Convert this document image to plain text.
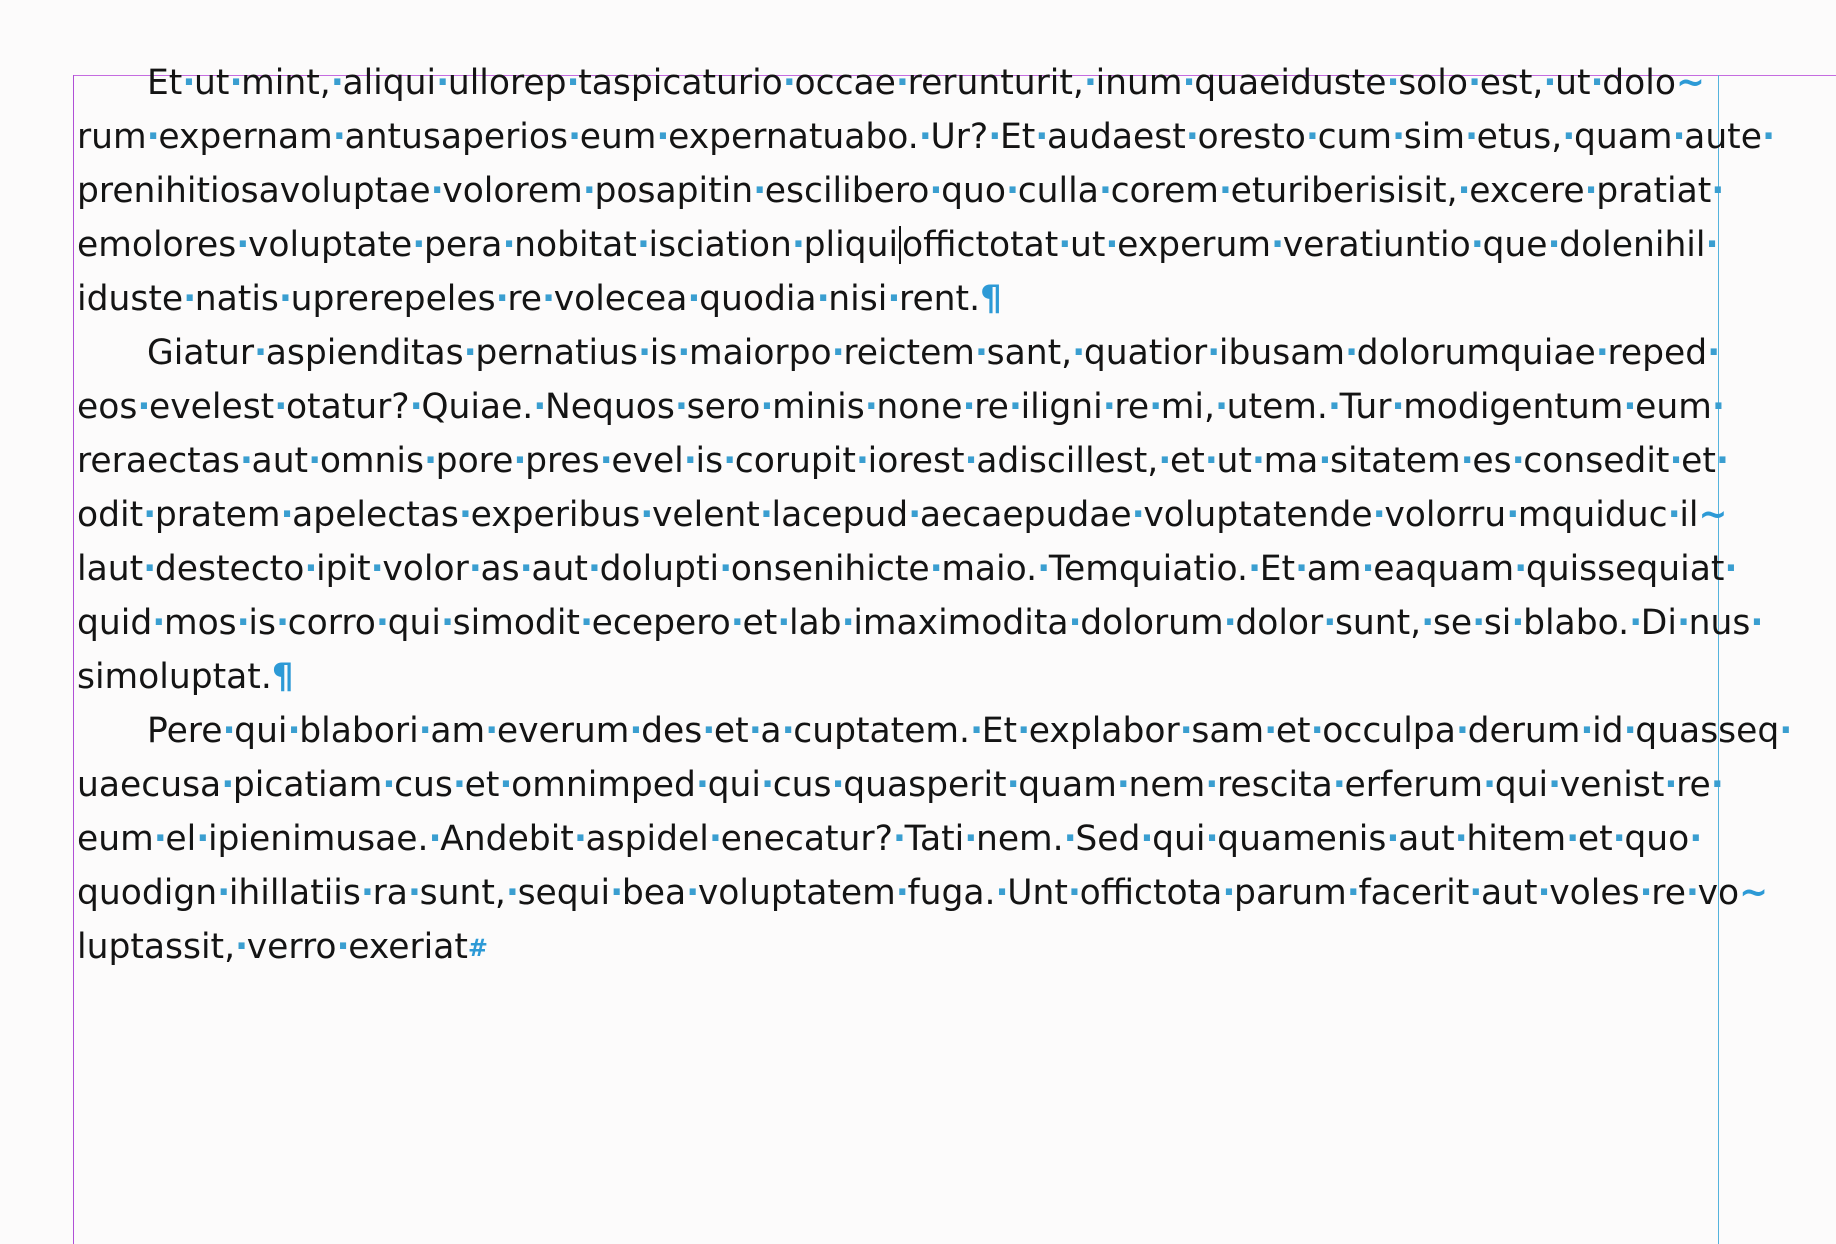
Et·ut·mint,·aliqui·ullorep·taspicaturio·occae·rerunturit,·inum·quaeiduste·solo·est,·ut·dolo~
rum·expernam·antusaperios·eum·expernatuabo.·Ur?·Et·audaest·oresto·cum·sim·etus,·quam·aute·
prenihitiosavoluptae·volorem·posapitin·escilibero·quo·culla·corem·eturiberisisit,·excere·pratiat·
emolores·voluptate·pera·nobitat·isciation·pliqui offictotat·ut·experum·veratiuntio·que·dolenihil·
iduste·natis·uprerepeles·re·volecea·quodia·nisi·rent.¶
Giatur·aspienditas·pernatius·is·maiorpo·reictem·sant,·quatior·ibusam·dolorumquiae·reped·
eos·evelest·otatur?·Quiae.·Nequos·sero·minis·none·re·iligni·re·mi,·utem.·Tur·modigentum·eum·
reraectas·aut·omnis·pore·pres·evel·is·corupit·iorest·adiscillest,·et·ut·ma·sitatem·es·consedit·et·
odit·pratem·apelectas·experibus·velent·lacepud·aecaepudae·voluptatende·volorru·mquiduc·il~
laut·destecto·ipit·volor·as·aut·dolupti·onsenihicte·maio.·Temquiatio.·Et·am·eaquam·quissequiat·
quid·mos·is·corro·qui·simodit·ecepero·et·lab·imaximodita·dolorum·dolor·sunt,·se·si·blabo.·Di·nus·
simoluptat.¶
Pere·qui·blabori·am·everum·des·et·a·cuptatem.·Et·explabor·sam·et·occulpa·derum·id·quasseq·
uaecusa·picatiam·cus·et·omnimped·qui·cus·quasperit·quam·nem·rescita·erferum·qui·venist·re·
eum·el·ipienimusae.·Andebit·aspidel·enecatur?·Tati·nem.·Sed·qui·quamenis·aut·hitem·et·quo·
quodign·ihillatiis·ra·sunt,·sequi·bea·voluptatem·fuga.·Unt·offictota·parum·facerit·aut·voles·re·vo~
luptassit,·verro·exeriat#
